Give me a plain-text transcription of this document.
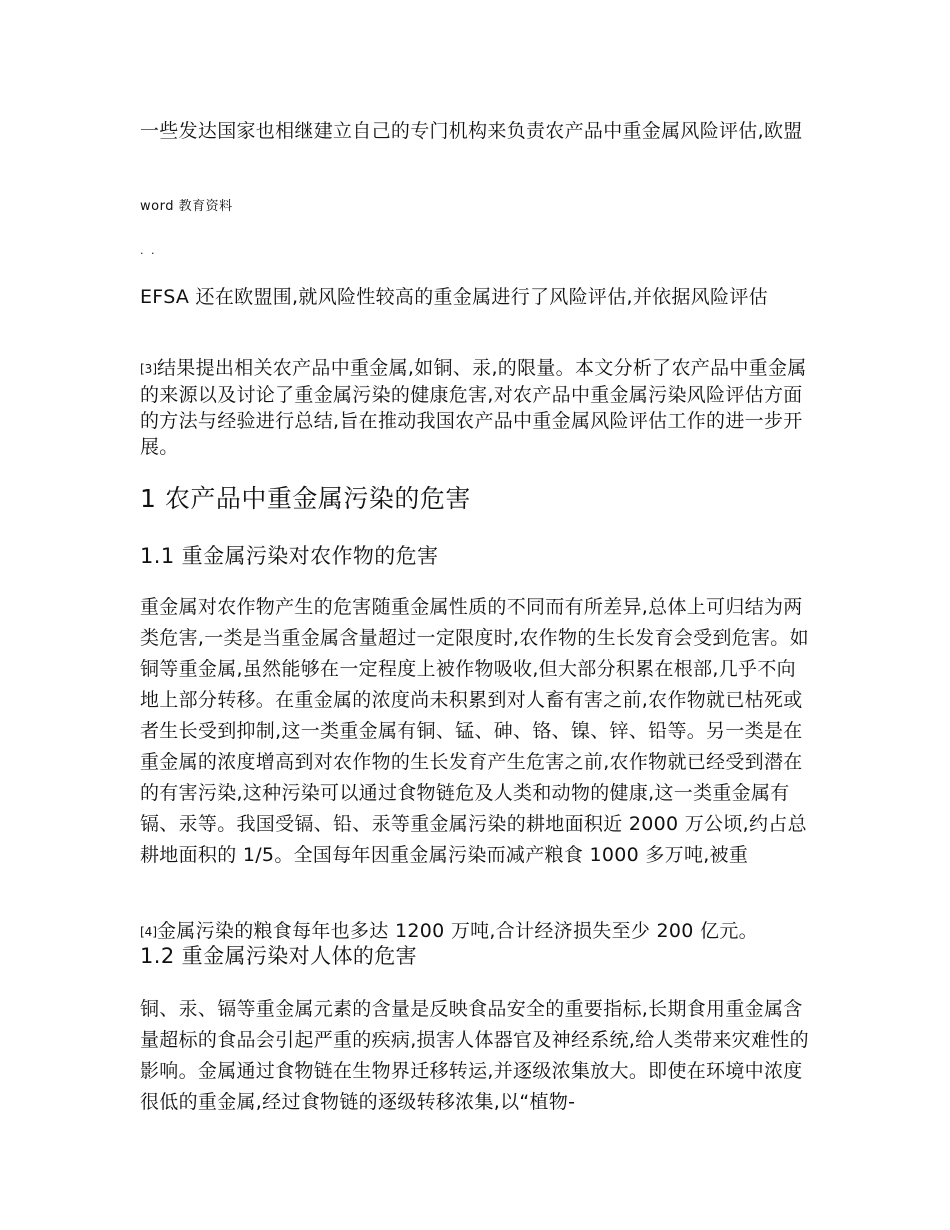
一些发达国家也相继建立自己的专门机构来负责农产品中重金属风险评估,欧盟
word 教育资料
. .
EFSA 还在欧盟围,就风险性较高的重金属进行了风险评估,并依据风险评估
[3]结果提出相关农产品中重金属,如铜、汞,的限量。本文分析了农产品中重金属的来源以及讨论了重金属污染的健康危害,对农产品中重金属污染风险评估方面的方法与经验进行总结,旨在推动我国农产品中重金属风险评估工作的进一步开展。
1 农产品中重金属污染的危害
1.1 重金属污染对农作物的危害
重金属对农作物产生的危害随重金属性质的不同而有所差异,总体上可归结为两类危害,一类是当重金属含量超过一定限度时,农作物的生长发育会受到危害。如铜等重金属,虽然能够在一定程度上被作物吸收,但大部分积累在根部,几乎不向地上部分转移。在重金属的浓度尚未积累到对人畜有害之前,农作物就已枯死或者生长受到抑制,这一类重金属有铜、锰、砷、铬、镍、锌、铅等。另一类是在重金属的浓度增高到对农作物的生长发育产生危害之前,农作物就已经受到潜在的有害污染,这种污染可以通过食物链危及人类和动物的健康,这一类重金属有镉、汞等。我国受镉、铅、汞等重金属污染的耕地面积近 2000 万公顷,约占总耕地面积的 1/5。全国每年因重金属污染而减产粮食 1000 多万吨,被重
[4]金属污染的粮食每年也多达 1200 万吨,合计经济损失至少 200 亿元。
1.2 重金属污染对人体的危害
铜、汞、镉等重金属元素的含量是反映食品安全的重要指标,长期食用重金属含量超标的食品会引起严重的疾病,损害人体器官及神经系统,给人类带来灾难性的影响。金属通过食物链在生物界迁移转运,并逐级浓集放大。即使在环境中浓度很低的重金属,经过食物链的逐级转移浓集,以“植物-
